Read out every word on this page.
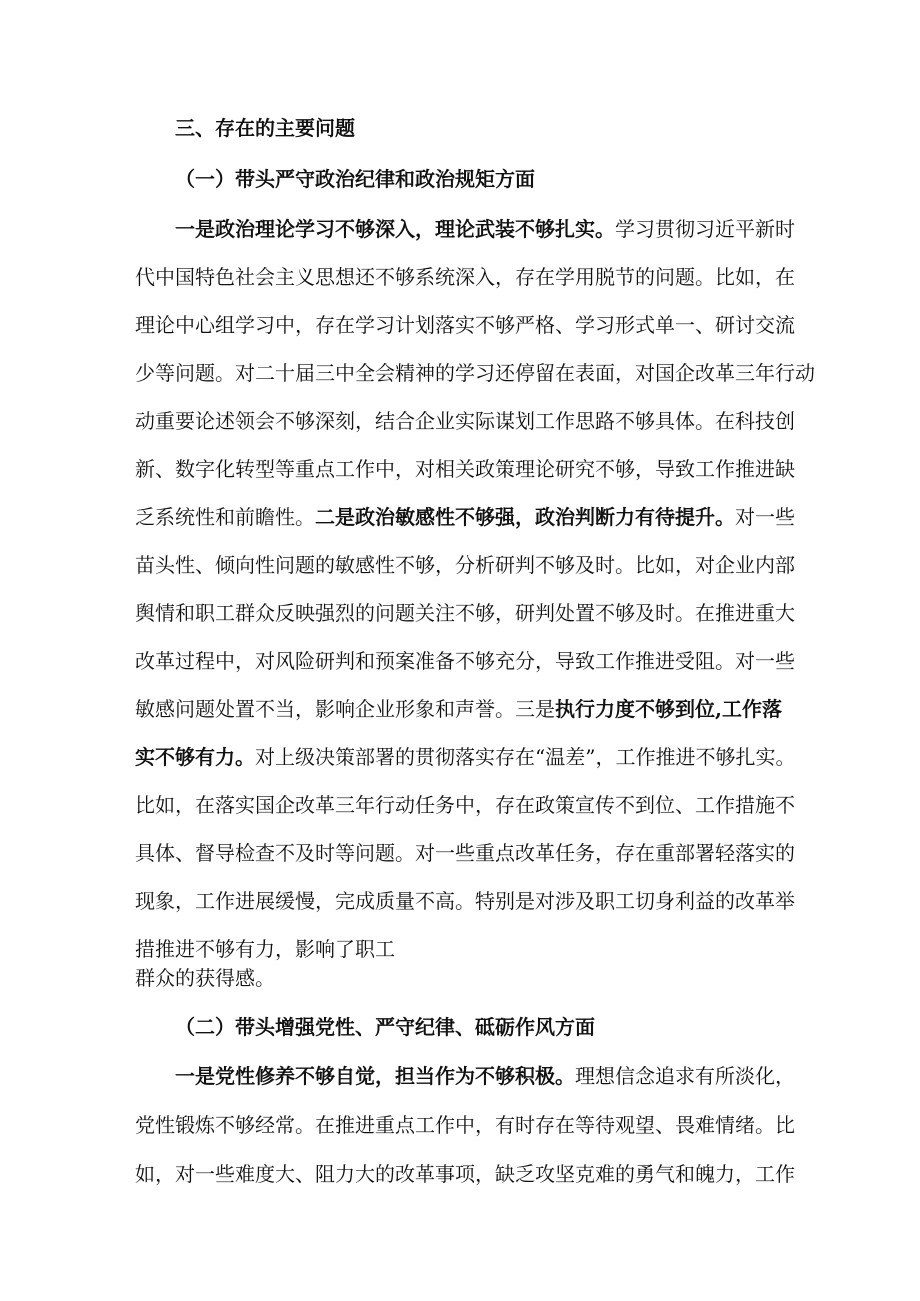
三、存在的主要问题
（一）带头严守政治纪律和政治规矩方面
一是政治理论学习不够深入，理论武装不够扎实。学习贯彻习近平新时
代中国特色社会主义思想还不够系统深入，存在学用脱节的问题。比如，在
理论中心组学习中，存在学习计划落实不够严格、学习形式单一、研讨交流
少等问题。对二十届三中全会精神的学习还停留在表面，对国企改革三年行动
动重要论述领会不够深刻，结合企业实际谋划工作思路不够具体。在科技创
新、数字化转型等重点工作中，对相关政策理论研究不够，导致工作推进缺
乏系统性和前瞻性。二是政治敏感性不够强，政治判断力有待提升。对一些
苗头性、倾向性问题的敏感性不够，分析研判不够及时。比如，对企业内部
舆情和职工群众反映强烈的问题关注不够，研判处置不够及时。在推进重大
改革过程中，对风险研判和预案准备不够充分，导致工作推进受阻。对一些
敏感问题处置不当，影响企业形象和声誉。三是执行力度不够到位,工作落
实不够有力。对上级决策部署的贯彻落实存在“温差”，工作推进不够扎实。
比如，在落实国企改革三年行动任务中，存在政策宣传不到位、工作措施不
具体、督导检查不及时等问题。对一些重点改革任务，存在重部署轻落实的
现象，工作进展缓慢，完成质量不高。特别是对涉及职工切身利益的改革举
措推进不够有力，影响了职工
群众的获得感。
（二）带头增强党性、严守纪律、砥砺作风方面
一是党性修养不够自觉，担当作为不够积极。理想信念追求有所淡化，
党性锻炼不够经常。在推进重点工作中，有时存在等待观望、畏难情绪。比
如，对一些难度大、阻力大的改革事项，缺乏攻坚克难的勇气和魄力，工作
